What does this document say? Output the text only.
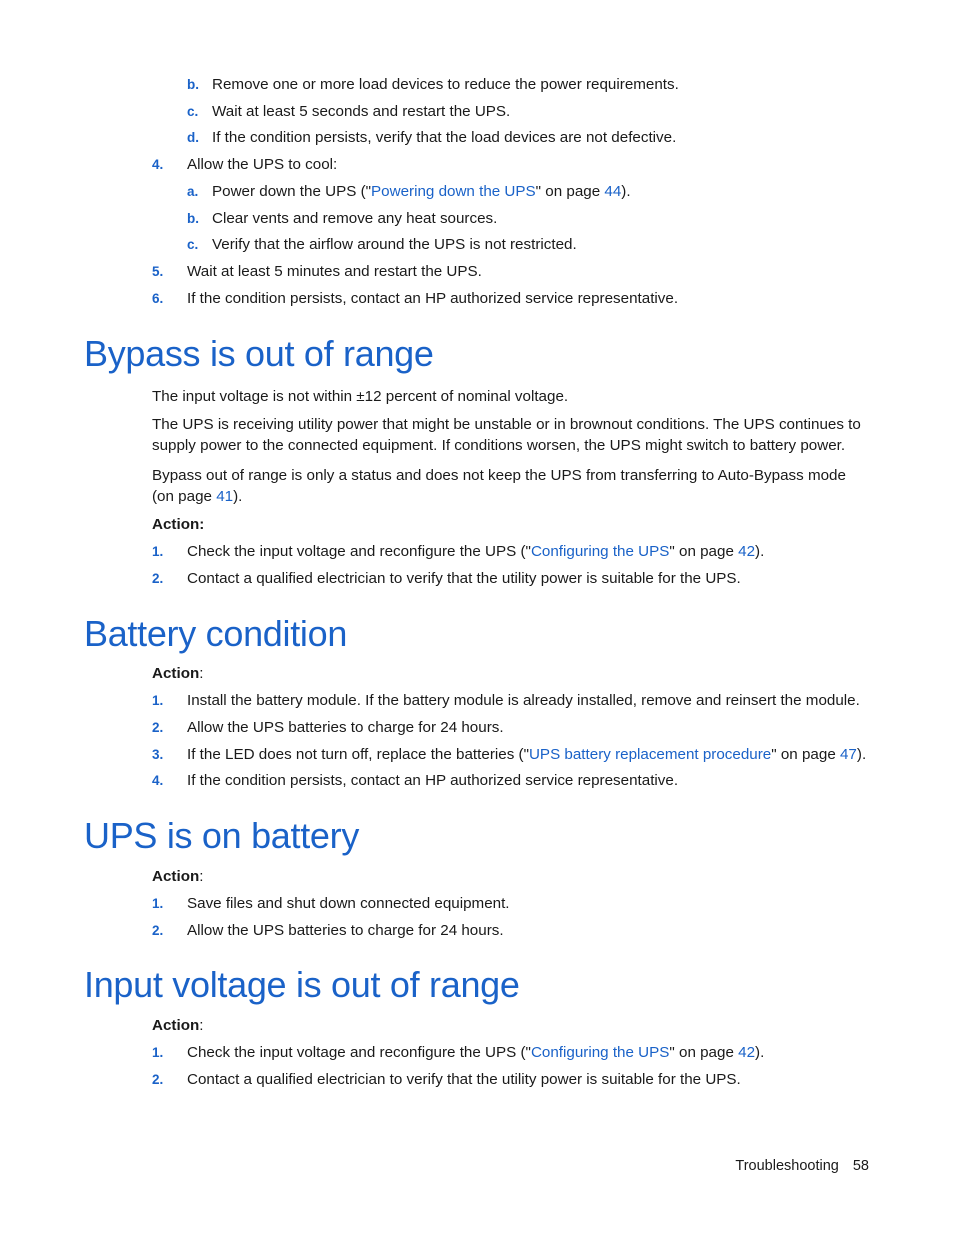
b. Remove one or more load devices to reduce the power requirements.
c. Wait at least 5 seconds and restart the UPS.
d. If the condition persists, verify that the load devices are not defective.
4. Allow the UPS to cool:
a. Power down the UPS ("Powering down the UPS" on page 44).
b. Clear vents and remove any heat sources.
c. Verify that the airflow around the UPS is not restricted.
5. Wait at least 5 minutes and restart the UPS.
6. If the condition persists, contact an HP authorized service representative.
Bypass is out of range

The input voltage is not within ±12 percent of nominal voltage.

The UPS is receiving utility power that might be unstable or in brownout conditions. The UPS continues to supply power to the connected equipment. If conditions worsen, the UPS might switch to battery power.

Bypass out of range is only a status and does not keep the UPS from transferring to Auto-Bypass mode (on page 41).

Action:
1. Check the input voltage and reconfigure the UPS ("Configuring the UPS" on page 42).
2. Contact a qualified electrician to verify that the utility power is suitable for the UPS.
Battery condition
Action:
1. Install the battery module. If the battery module is already installed, remove and reinsert the module.
2. Allow the UPS batteries to charge for 24 hours.
3. If the LED does not turn off, replace the batteries ("UPS battery replacement procedure" on page 47).
4. If the condition persists, contact an HP authorized service representative.
UPS is on battery
Action:
1. Save files and shut down connected equipment.
2. Allow the UPS batteries to charge for 24 hours.
Input voltage is out of range
Action:
1. Check the input voltage and reconfigure the UPS ("Configuring the UPS" on page 42).
2. Contact a qualified electrician to verify that the utility power is suitable for the UPS.
Troubleshooting 58
